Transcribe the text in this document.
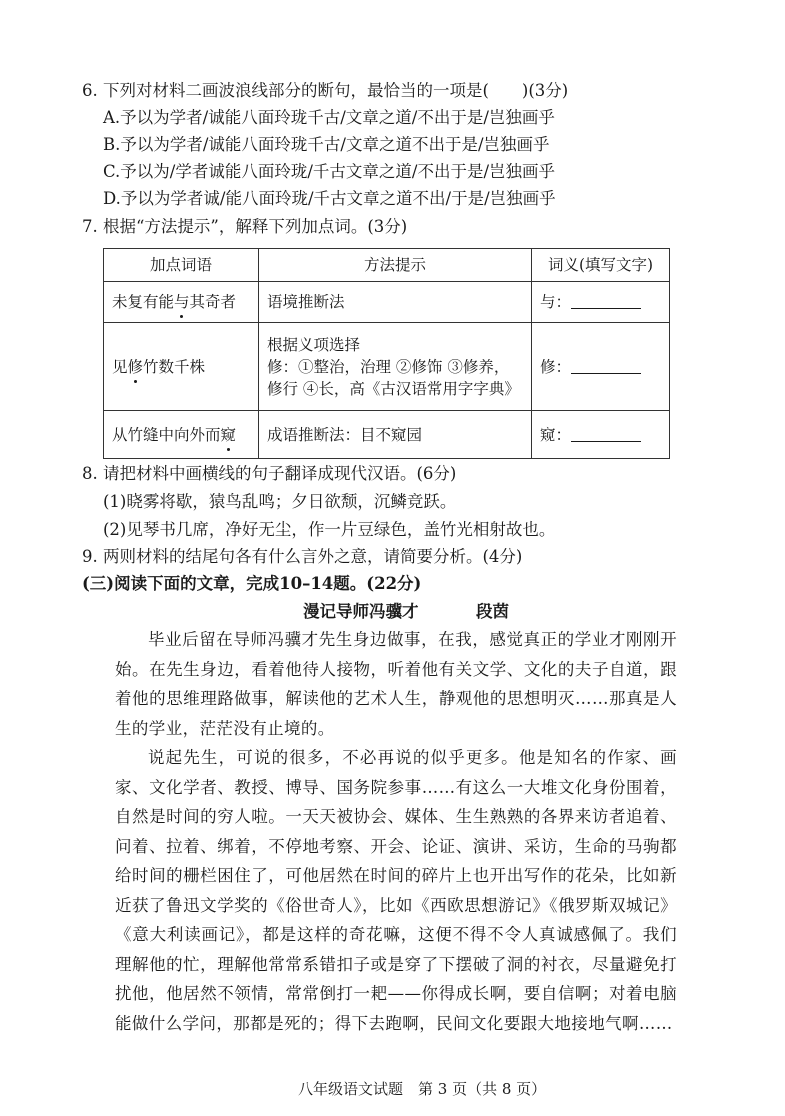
6. 下列对材料二画波浪线部分的断句，最恰当的一项是(　　)(3分)
A.予以为学者/诚能八面玲珑千古/文章之道/不出于是/岂独画乎
B.予以为学者/诚能八面玲珑千古/文章之道不出于是/岂独画乎
C.予以为/学者诚能八面玲珑/千古文章之道/不出于是/岂独画乎
D.予以为学者诚/能八面玲珑/千古文章之道不出/于是/岂独画乎
7. 根据“方法提示”，解释下列加点词。(3分)
加点词语	方法提示	词义(填写文字)
未复有能与其奇者	语境推断法	与：
见修竹数千株	根据义项选择
修：①整治，治理 ②修饰 ③修养，
修行 ④长，高《古汉语常用字字典》	修：
从竹缝中向外而窥	成语推断法：目不窥园	窥：
8. 请把材料中画横线的句子翻译成现代汉语。(6分)
(1)晓雾将歇，猿鸟乱鸣；夕日欲颓，沉鳞竞跃。
(2)见琴书几席，净好无尘，作一片豆绿色，盖竹光相射故也。
9. 两则材料的结尾句各有什么言外之意，请简要分析。(4分)
(三)阅读下面的文章，完成10–14题。(22分)
漫记导师冯骥才	段茵
毕业后留在导师冯骥才先生身边做事，在我，感觉真正的学业才刚刚开始。在先生身边，看着他待人接物，听着他有关文学、文化的夫子自道，跟着他的思维理路做事，解读他的艺术人生，静观他的思想明灭……那真是人生的学业，茫茫没有止境的。
说起先生，可说的很多，不必再说的似乎更多。他是知名的作家、画家、文化学者、教授、博导、国务院参事……有这么一大堆文化身份围着，自然是时间的穷人啦。一天天被协会、媒体、生生熟熟的各界来访者追着、问着、拉着、绑着，不停地考察、开会、论证、演讲、采访，生命的马驹都给时间的栅栏困住了，可他居然在时间的碎片上也开出写作的花朵，比如新近获了鲁迅文学奖的《俗世奇人》，比如《西欧思想游记》《俄罗斯双城记》《意大利读画记》，都是这样的奇花嘛，这便不得不令人真诚感佩了。我们理解他的忙，理解他常常系错扣子或是穿了下摆破了洞的衬衣，尽量避免打扰他，他居然不领情，常常倒打一耙——你得成长啊，要自信啊；对着电脑能做什么学问，那都是死的；得下去跑啊，民间文化要跟大地接地气啊……
八年级语文试题　第 3 页（共 8 页）
